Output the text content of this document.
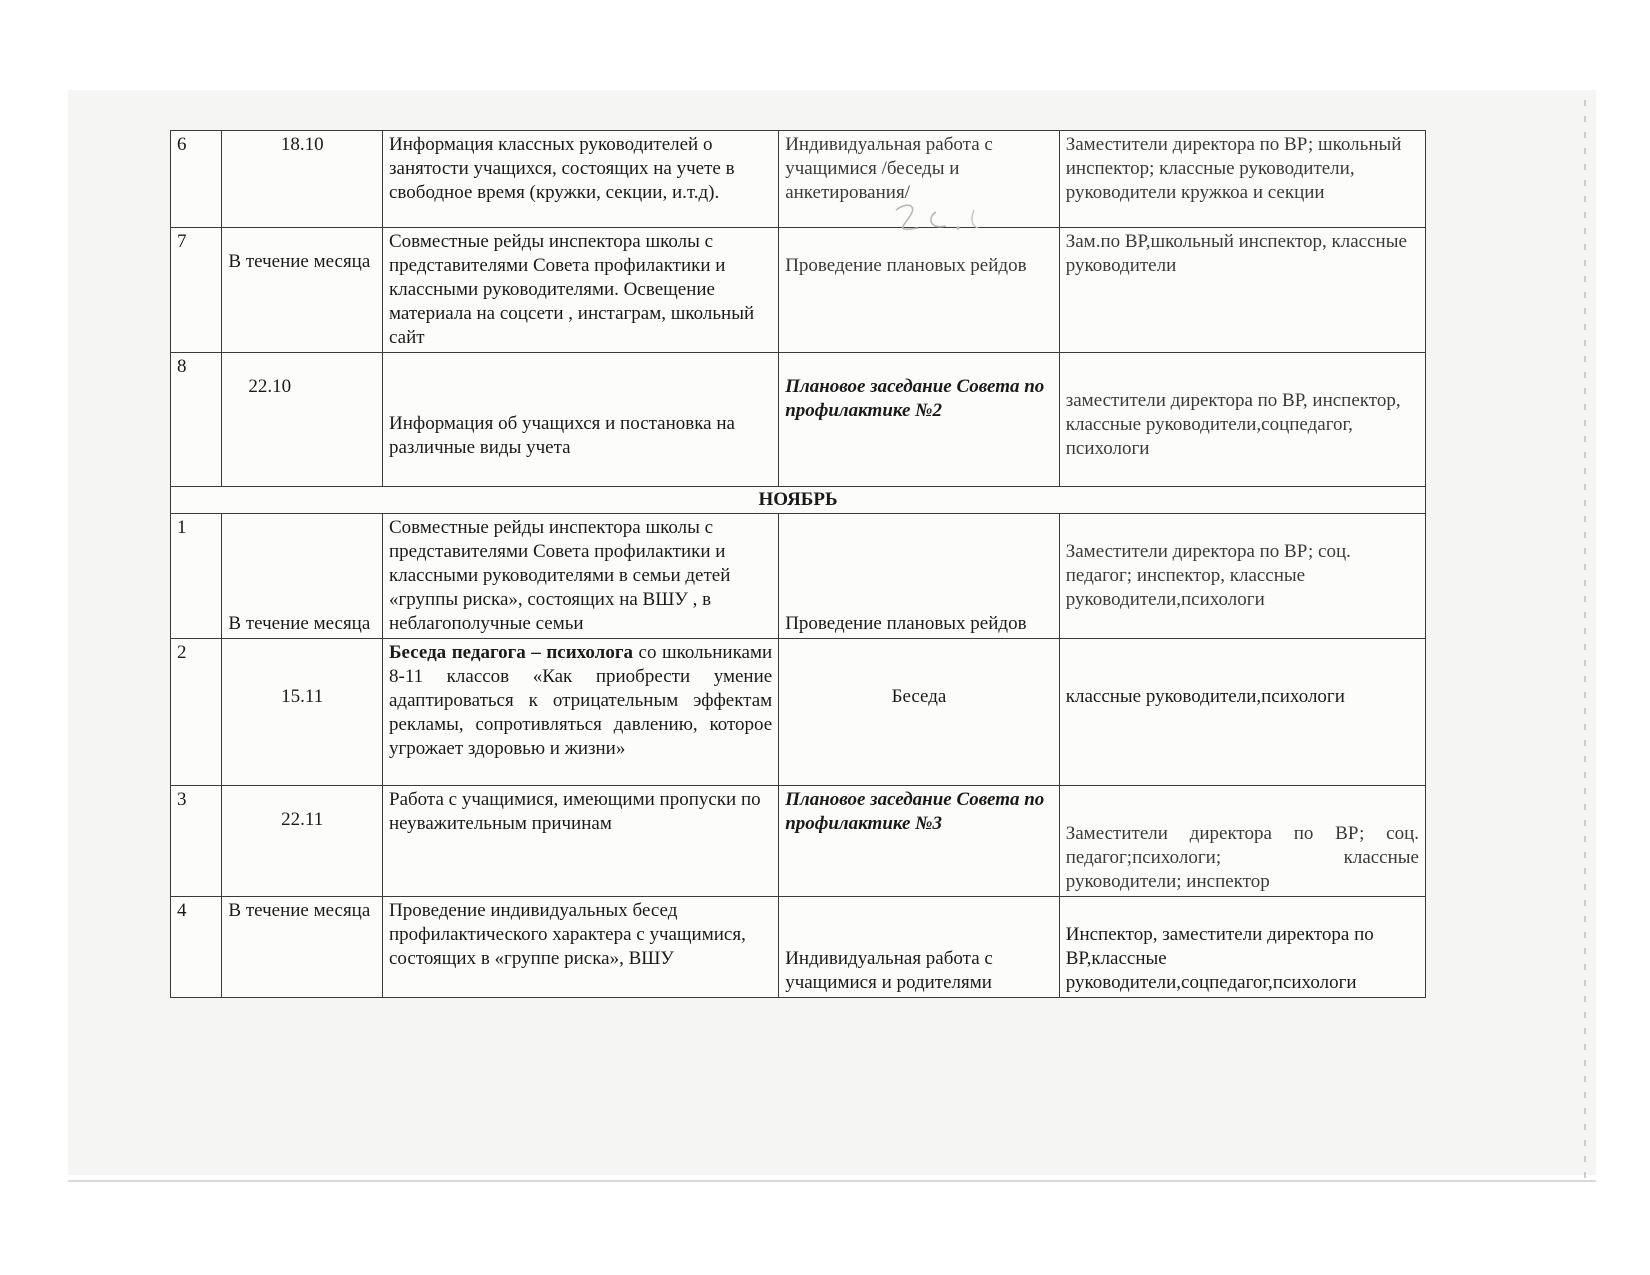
6	18.10	Информация классных руководителей о занятости учащихся, состоящих на учете в свободное время (кружки, секции, и.т.д).	Индивидуальная работа с учащимися /беседы и анкетирования/	Заместители директора по ВР; школьный инспектор; классные руководители, руководители кружкоа и секции
7	В течение месяца	Совместные рейды инспектора школы с представителями Совета профилактики и классными руководителями. Освещение материала на соцсети , инстаграм, школьный сайт	Проведение плановых рейдов	Зам.по ВР,школьный инспектор, классные руководители
8	22.10	Информация об учащихся и постановка на различные виды учета	Плановое заседание Совета по профилактике №2	заместители директора по ВР, инспектор, классные руководители,соцпедагог, психологи
НОЯБРЬ				
1	В течение месяца	Совместные рейды инспектора школы с представителями Совета профилактики и классными руководителями в семьи детей «группы риска», состоящих на ВШУ , в неблагополучные семьи	Проведение плановых рейдов	Заместители директора по ВР; соц. педагог; инспектор, классные руководители,психологи
2	15.11	Беседа педагога – психолога со школьниками 8-11 классов «Как приобрести умение адаптироваться к отрицательным эффектам рекламы, сопротивляться давлению, которое угрожает здоровью и жизни»	Беседа	классные руководители,психологи
3	22.11	Работа с учащимися, имеющими пропуски по неуважительным причинам	Плановое заседание Совета по профилактике №3	Заместители директора по ВР; соц. педагог;психологи; классные руководители; инспектор
4	В течение месяца	Проведение индивидуальных бесед профилактического характера с учащимися, состоящих в «группе риска», ВШУ	Индивидуальная работа с учащимися и родителями	Инспектор, заместители директора по ВР,классные руководители,соцпедагог,психологи
